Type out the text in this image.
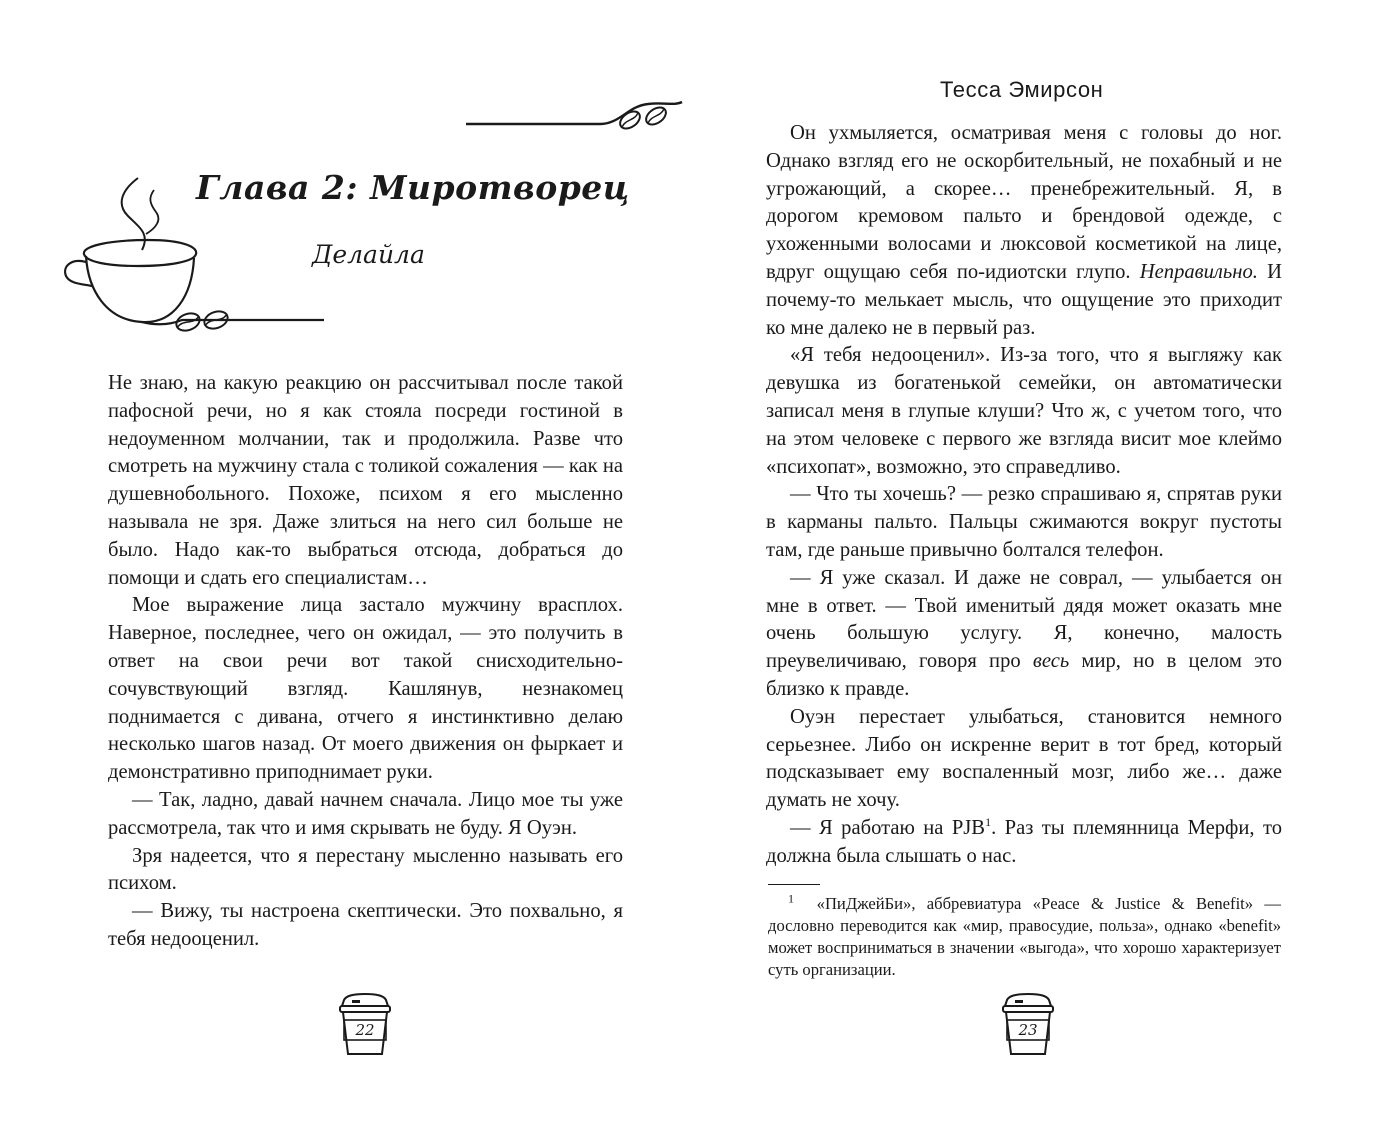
Глава 2: Миротворец
Делайла

Не знаю, на какую реакцию он рассчитывал после такой пафосной речи, но я как стояла посреди гостиной в недоуменном молчании, так и продолжила. Разве что смотреть на мужчину стала с толикой сожаления — как на душевнобольного. Похоже, психом я его мысленно называла не зря. Даже злиться на него сил больше не было. Надо как-то выбраться отсюда, добраться до помощи и сдать его специалистам…

Мое выражение лица застало мужчину врасплох. Наверное, последнее, чего он ожидал, — это получить в ответ на свои речи вот такой снисходительно-сочувствующий взгляд. Кашлянув, незнакомец поднимается с дивана, отчего я инстинктивно делаю несколько шагов назад. От моего движения он фыркает и демонстративно приподнимает руки.

— Так, ладно, давай начнем сначала. Лицо мое ты уже рассмотрела, так что и имя скрывать не буду. Я Оуэн.

Зря надеется, что я перестану мысленно называть его психом.

— Вижу, ты настроена скептически. Это похвально, я тебя недооценил.

22
Тесса Эмирсон

Он ухмыляется, осматривая меня с головы до ног. Однако взгляд его не оскорбительный, не похабный и не угрожающий, а скорее… пренебрежительный. Я, в дорогом кремовом пальто и брендовой одежде, с ухоженными волосами и люксовой косметикой на лице, вдруг ощущаю себя по-идиотски глупо. Неправильно. И почему-то мелькает мысль, что ощущение это приходит ко мне далеко не в первый раз.

«Я тебя недооценил». Из-за того, что я выгляжу как девушка из богатенькой семейки, он автоматически записал меня в глупые клуши? Что ж, с учетом того, что на этом человеке с первого же взгляда висит мое клеймо «психопат», возможно, это справедливо.

— Что ты хочешь? — резко спрашиваю я, спрятав руки в карманы пальто. Пальцы сжимаются вокруг пустоты там, где раньше привычно болтался телефон.

— Я уже сказал. И даже не соврал, — улыбается он мне в ответ. — Твой именитый дядя может оказать мне очень большую услугу. Я, конечно, малость преувеличиваю, говоря про весь мир, но в целом это близко к правде.

Оуэн перестает улыбаться, становится немного серьезнее. Либо он искренне верит в тот бред, который подсказывает ему воспаленный мозг, либо же… даже думать не хочу.

— Я работаю на PJB$^1$. Раз ты племянница Мерфи, то должна была слышать о нас.

$^1$ «ПиДжейБи», аббревиатура «Peace & Justice & Benefit» — дословно переводится как «мир, правосудие, польза», однако «benefit» может восприниматься в значении «выгода», что хорошо характеризует суть организации.

23
